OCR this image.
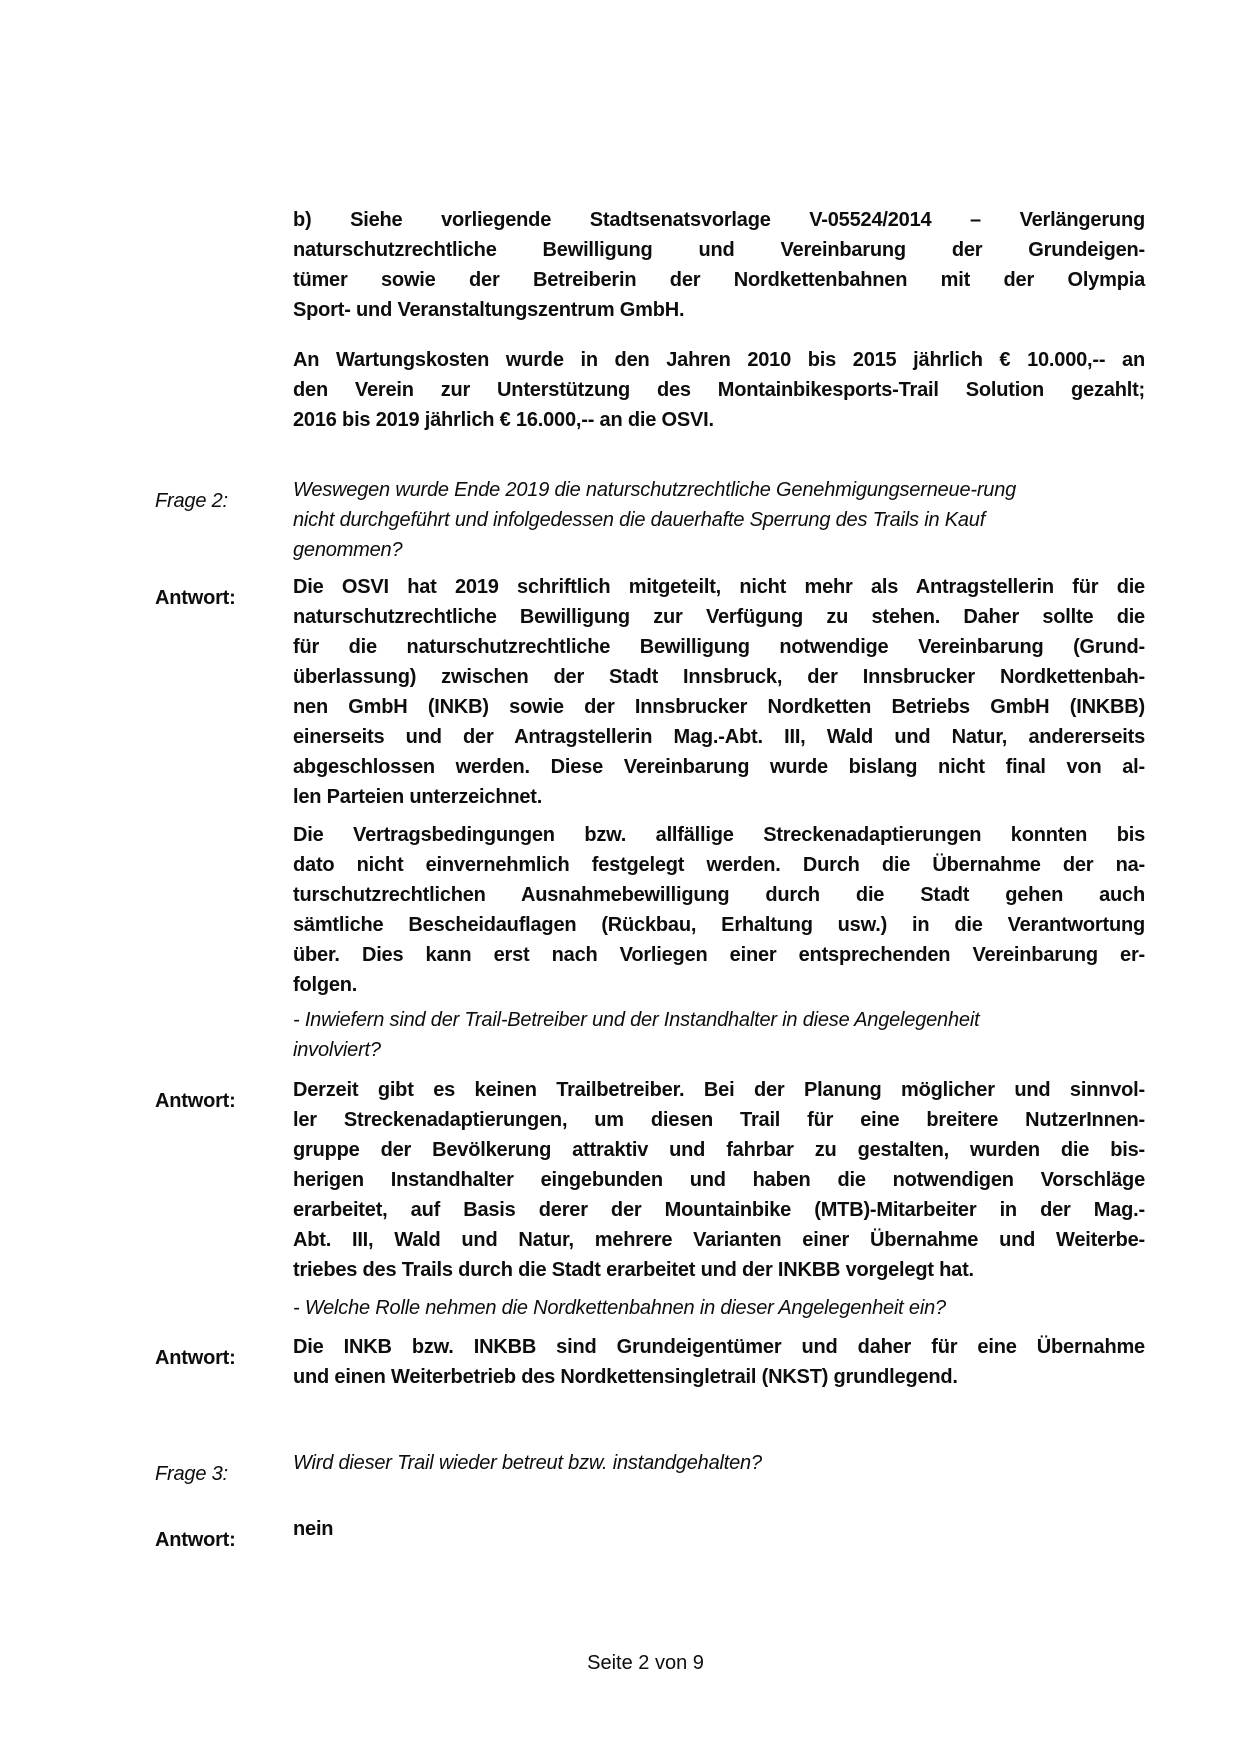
b) Siehe vorliegende Stadtsenatsvorlage V-05524/2014 – Verlängerung
naturschutzrechtliche Bewilligung und Vereinbarung der Grundeigen-
tümer sowie der Betreiberin der Nordkettenbahnen mit der Olympia
Sport- und Veranstaltungszentrum GmbH.
An Wartungskosten wurde in den Jahren 2010 bis 2015 jährlich € 10.000,-- an
den Verein zur Unterstützung des Montainbikesports-Trail Solution gezahlt;
2016 bis 2019 jährlich € 16.000,-- an die OSVI.
Frage 2:	Weswegen wurde Ende 2019 die naturschutzrechtliche Genehmigungserneue-rung
nicht durchgeführt und infolgedessen die dauerhafte Sperrung des Trails in Kauf
genommen?
Antwort:	Die OSVI hat 2019 schriftlich mitgeteilt, nicht mehr als Antragstellerin für die
naturschutzrechtliche Bewilligung zur Verfügung zu stehen. Daher sollte die
für die naturschutzrechtliche Bewilligung notwendige Vereinbarung (Grund-
überlassung) zwischen der Stadt Innsbruck, der Innsbrucker Nordkettenbah-
nen GmbH (INKB) sowie der Innsbrucker Nordketten Betriebs GmbH (INKBB)
einerseits und der Antragstellerin Mag.-Abt. III, Wald und Natur, andererseits
abgeschlossen werden. Diese Vereinbarung wurde bislang nicht final von al-
len Parteien unterzeichnet.
Die Vertragsbedingungen bzw. allfällige Streckenadaptierungen konnten bis
dato nicht einvernehmlich festgelegt werden. Durch die Übernahme der na-
turschutzrechtlichen Ausnahmebewilligung durch die Stadt gehen auch
sämtliche Bescheidauflagen (Rückbau, Erhaltung usw.) in die Verantwortung
über. Dies kann erst nach Vorliegen einer entsprechenden Vereinbarung er-
folgen.
- Inwiefern sind der Trail-Betreiber und der Instandhalter in diese Angelegenheit
involviert?
Antwort:	Derzeit gibt es keinen Trailbetreiber. Bei der Planung möglicher und sinnvol-
ler Streckenadaptierungen, um diesen Trail für eine breitere NutzerInnen-
gruppe der Bevölkerung attraktiv und fahrbar zu gestalten, wurden die bis-
herigen Instandhalter eingebunden und haben die notwendigen Vorschläge
erarbeitet, auf Basis derer der Mountainbike (MTB)-Mitarbeiter in der Mag.-
Abt. III, Wald und Natur, mehrere Varianten einer Übernahme und Weiterbe-
triebes des Trails durch die Stadt erarbeitet und der INKBB vorgelegt hat.
- Welche Rolle nehmen die Nordkettenbahnen in dieser Angelegenheit ein?
Antwort:	Die INKB bzw. INKBB sind Grundeigentümer und daher für eine Übernahme
und einen Weiterbetrieb des Nordkettensingletrail (NKST) grundlegend.
Frage 3:	Wird dieser Trail wieder betreut bzw. instandgehalten?
Antwort:	nein
Seite 2 von 9
